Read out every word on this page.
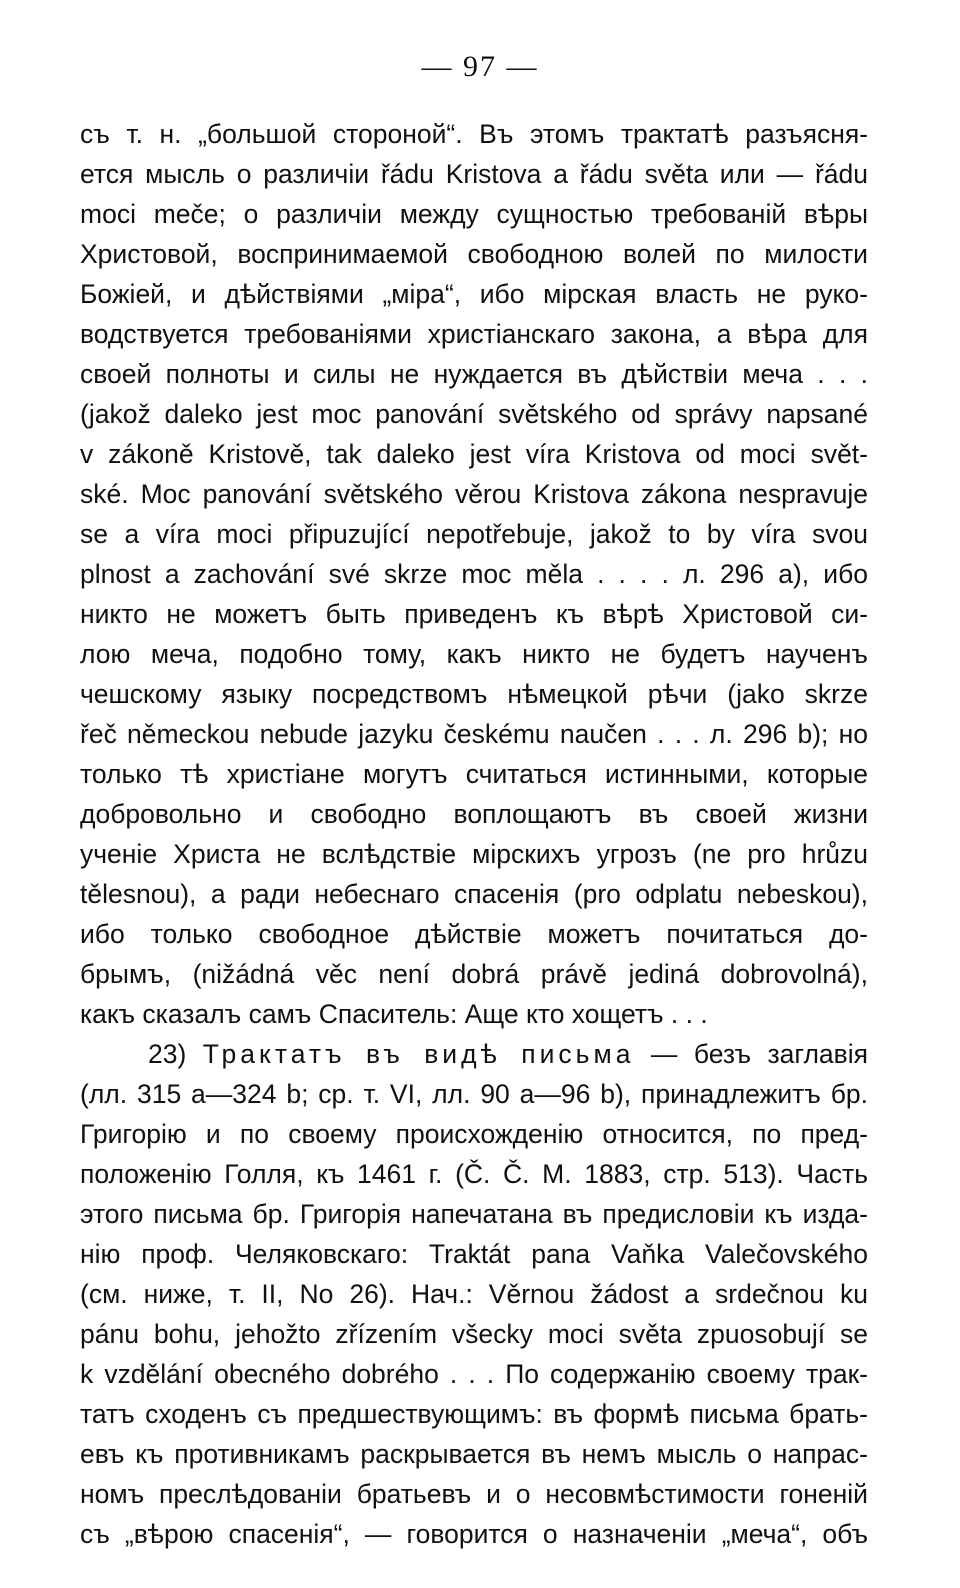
— 97 —
съ т. н. „большой стороной“. Въ этомъ трактатѣ разъясня-
ется мысль о различіи řádu Kristova a řádu světa или — řádu
moci meče; о различіи между сущностью требованій вѣры
Христовой, воспринимаемой свободною волей по милости
Божіей, и дѣйствіями „міра“, ибо мірская власть не руко-
водствуется требованіями христіанскаго закона, а вѣра для
своей полноты и силы не нуждается въ дѣйствіи меча . . .
(jakož daleko jest moc panování světského od správy napsané
v zákoně Kristově, tak daleko jest víra Kristova od moci svět-
ské. Moc panování světského věrou Kristova zákona nespravuje
se a víra moci připuzující nepotřebuje, jakož to by víra svou
plnost a zachování své skrze moc měla . . . . л. 296 а), ибо
никто не можетъ быть приведенъ къ вѣрѣ Христовой си-
лою меча, подобно тому, какъ никто не будетъ наученъ
чешскому языку посредствомъ нѣмецкой рѣчи (jako skrze
řeč německou nebude jazyku českému naučen . . . л. 296 b); но
только тѣ христіане могутъ считаться истинными, которые
добровольно и свободно воплощаютъ въ своей жизни
ученіе Христа не вслѣдствіе мірскихъ угрозъ (ne pro hrůzu
tělesnou), а ради небеснаго спасенія (pro odplatu nebeskou),
ибо только свободное дѣйствіе можетъ почитаться до-
брымъ, (nižádná věc není dobrá právě jediná dobrovolná),
какъ сказалъ самъ Спаситель: Аще кто хощетъ . . .
23) Трактатъ въ видѣ письма — безъ заглавія
(лл. 315 а—324 b; ср. т. VI, лл. 90 а—96 b), принадлежитъ бр.
Григорію и по своему происхожденію относится, по пред-
положенію Голля, къ 1461 г. (Č. Č. M. 1883, стр. 513). Часть
этого письма бр. Григорія напечатана въ предисловіи къ изда-
нію проф. Челяковскаго: Traktát pana Vaňka Valečovského
(см. ниже, т. II, No 26). Нач.: Věrnou žádost a srdečnou ku
pánu bohu, jehožto zřízením všecky moci světa zpuosobují se
k vzdělání obecného dobrého . . . По содержанію своему трак-
татъ сходенъ съ предшествующимъ: въ формѣ письма брать-
евъ къ противникамъ раскрывается въ немъ мысль о напрас-
номъ преслѣдованіи братьевъ и о несовмѣстимости гоненій
съ „вѣрою спасенія“, — говорится о назначеніи „меча“, объ
